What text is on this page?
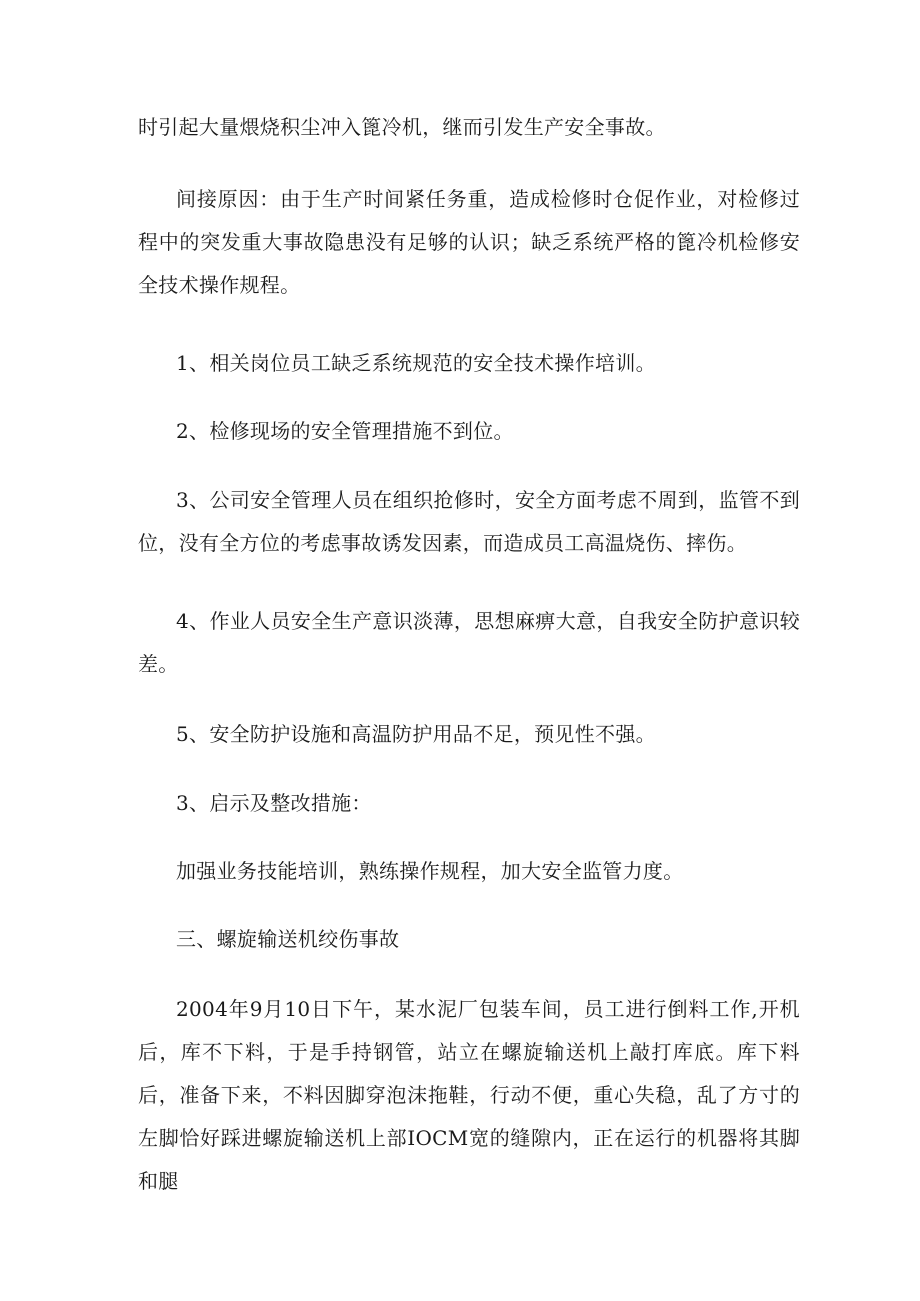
时引起大量煨烧积尘冲入篦冷机，继而引发生产安全事故。

间接原因：由于生产时间紧任务重，造成检修时仓促作业，对检修过程中的突发重大事故隐患没有足够的认识；缺乏系统严格的篦冷机检修安全技术操作规程。

1、相关岗位员工缺乏系统规范的安全技术操作培训。

2、检修现场的安全管理措施不到位。

3、公司安全管理人员在组织抢修时，安全方面考虑不周到，监管不到位，没有全方位的考虑事故诱发因素，而造成员工高温烧伤、摔伤。

4、作业人员安全生产意识淡薄，思想麻痹大意，自我安全防护意识较差。

5、安全防护设施和高温防护用品不足，预见性不强。

3、启示及整改措施：

加强业务技能培训，熟练操作规程，加大安全监管力度。

三、螺旋输送机绞伤事故

2004年9月10日下午，某水泥厂包装车间，员工进行倒料工作,开机后，库不下料，于是手持钢管，站立在螺旋输送机上敲打库底。库下料后，准备下来，不料因脚穿泡沫拖鞋，行动不便，重心失稳，乱了方寸的左脚恰好踩进螺旋输送机上部IOCM宽的缝隙内，正在运行的机器将其脚和腿
